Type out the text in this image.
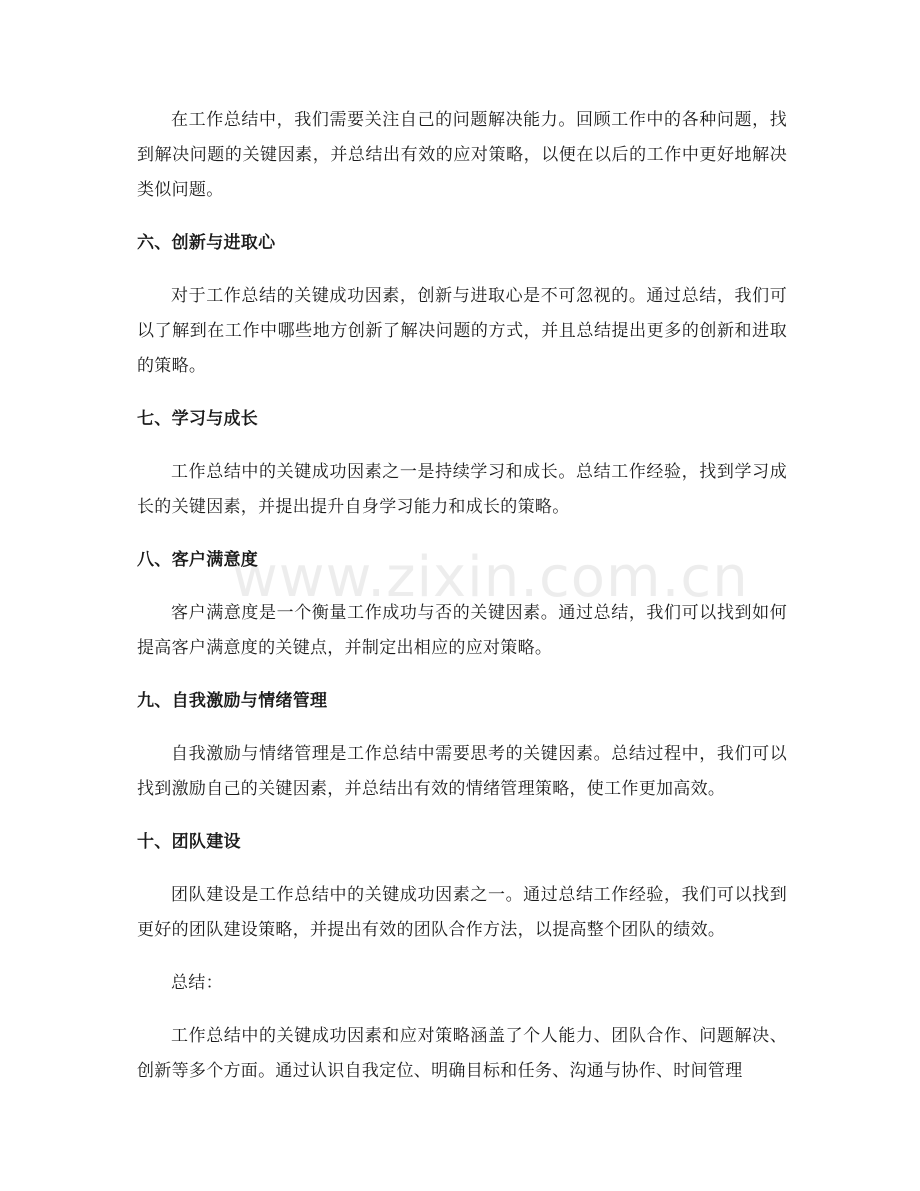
在工作总结中，我们需要关注自己的问题解决能力。回顾工作中的各种问题，找到解决问题的关键因素，并总结出有效的应对策略，以便在以后的工作中更好地解决类似问题。

六、创新与进取心

对于工作总结的关键成功因素，创新与进取心是不可忽视的。通过总结，我们可以了解到在工作中哪些地方创新了解决问题的方式，并且总结提出更多的创新和进取的策略。

七、学习与成长

工作总结中的关键成功因素之一是持续学习和成长。总结工作经验，找到学习成长的关键因素，并提出提升自身学习能力和成长的策略。

八、客户满意度

客户满意度是一个衡量工作成功与否的关键因素。通过总结，我们可以找到如何提高客户满意度的关键点，并制定出相应的应对策略。

九、自我激励与情绪管理

自我激励与情绪管理是工作总结中需要思考的关键因素。总结过程中，我们可以找到激励自己的关键因素，并总结出有效的情绪管理策略，使工作更加高效。

十、团队建设

团队建设是工作总结中的关键成功因素之一。通过总结工作经验，我们可以找到更好的团队建设策略，并提出有效的团队合作方法，以提高整个团队的绩效。

总结：

工作总结中的关键成功因素和应对策略涵盖了个人能力、团队合作、问题解决、创新等多个方面。通过认识自我定位、明确目标和任务、沟通与协作、时间管理

www.zixin.com.cn
